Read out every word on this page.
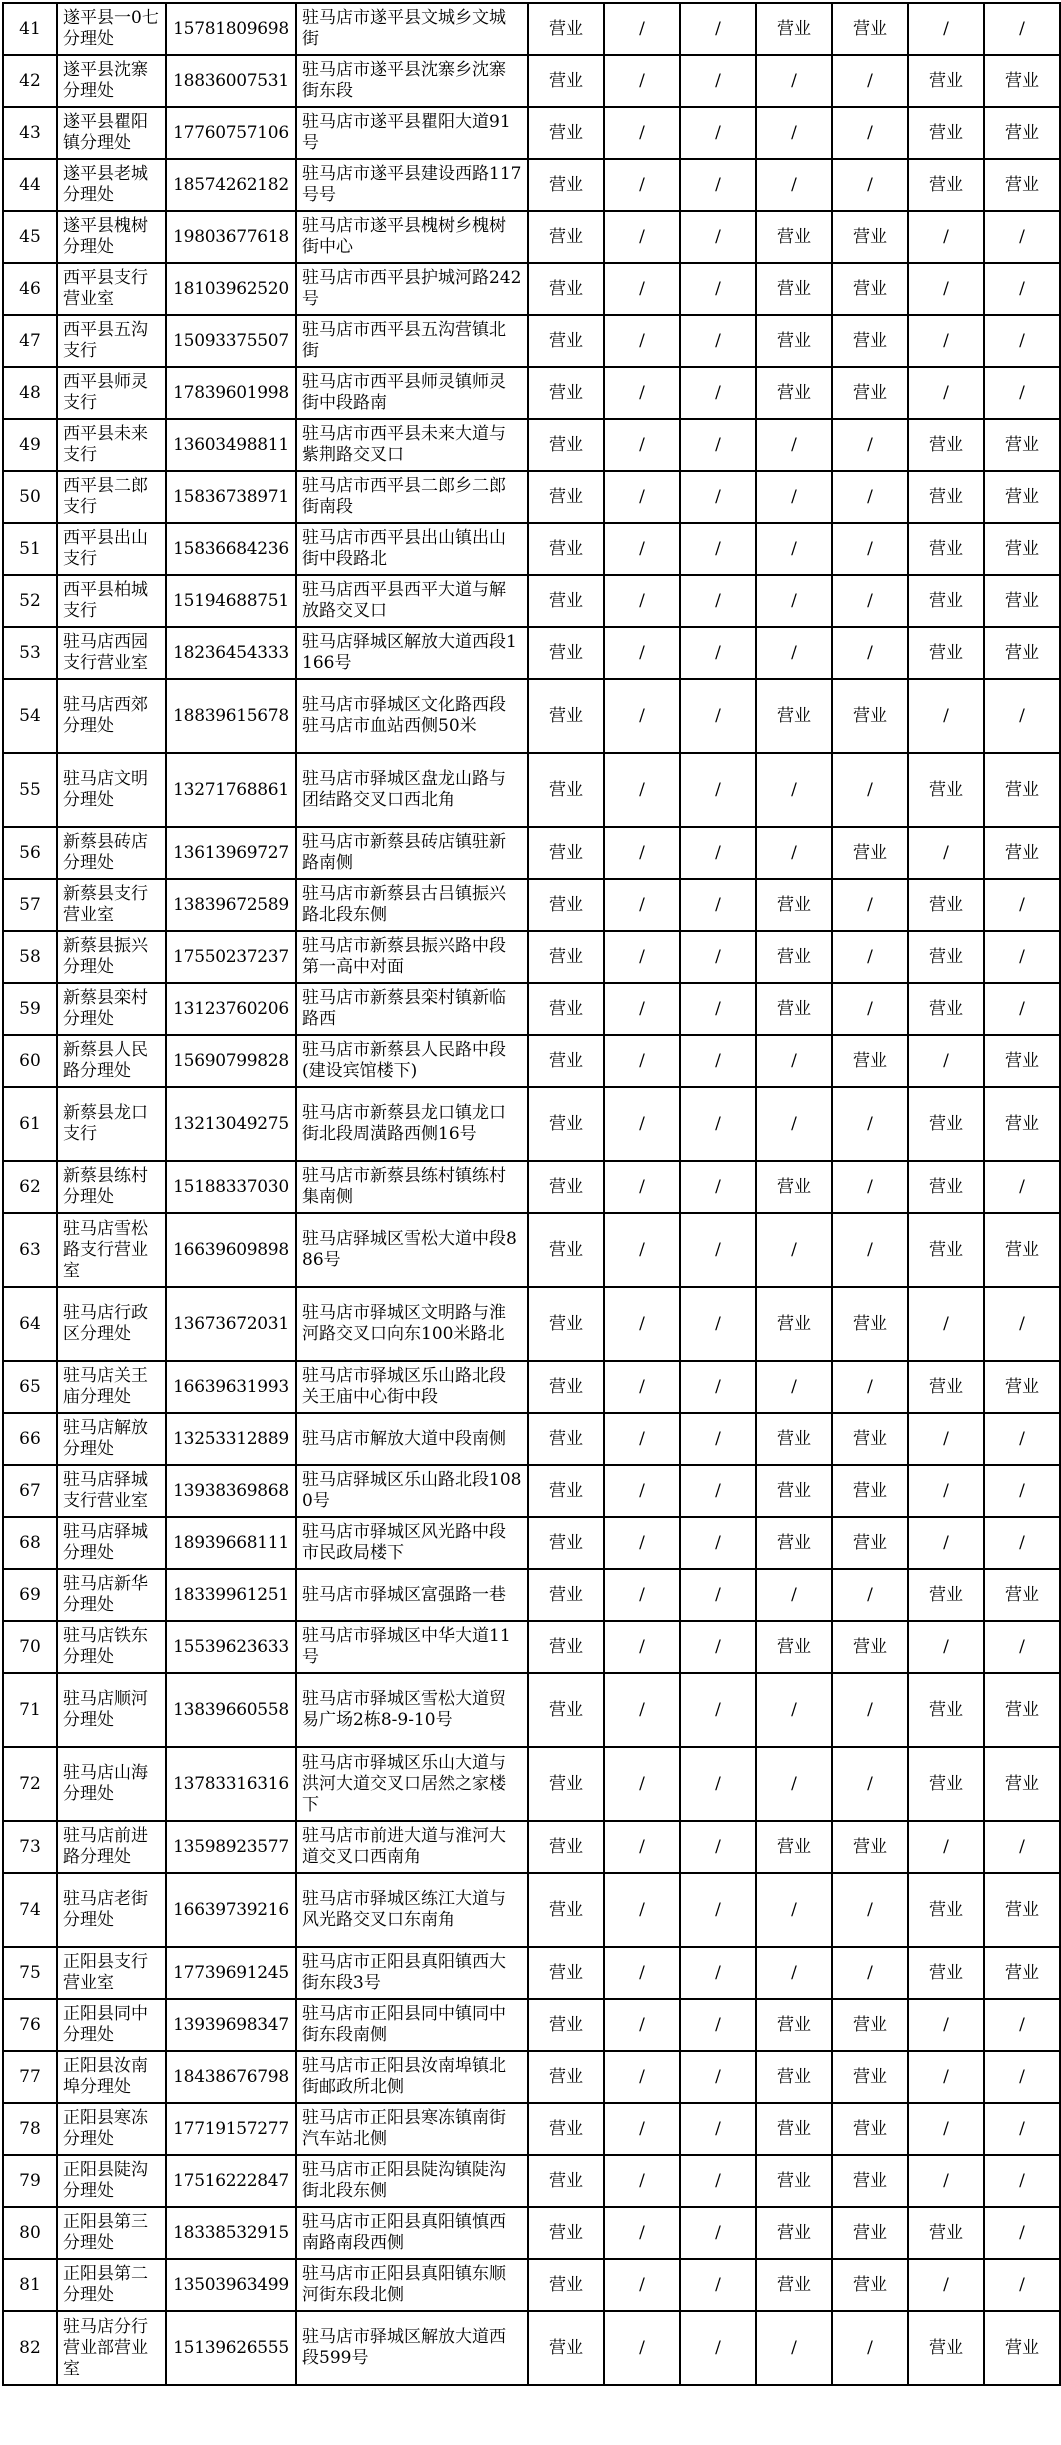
41	遂平县一0七分理处	15781809698	驻马店市遂平县文城乡文城街	营业	/	/	营业	营业	/	/
42	遂平县沈寨分理处	18836007531	驻马店市遂平县沈寨乡沈寨街东段	营业	/	/	/	/	营业	营业
43	遂平县瞿阳镇分理处	17760757106	驻马店市遂平县瞿阳大道91号	营业	/	/	/	/	营业	营业
44	遂平县老城分理处	18574262182	驻马店市遂平县建设西路117号号	营业	/	/	/	/	营业	营业
45	遂平县槐树分理处	19803677618	驻马店市遂平县槐树乡槐树街中心	营业	/	/	营业	营业	/	/
46	西平县支行营业室	18103962520	驻马店市西平县护城河路242号	营业	/	/	营业	营业	/	/
47	西平县五沟支行	15093375507	驻马店市西平县五沟营镇北街	营业	/	/	营业	营业	/	/
48	西平县师灵支行	17839601998	驻马店市西平县师灵镇师灵街中段路南	营业	/	/	营业	营业	/	/
49	西平县未来支行	13603498811	驻马店市西平县未来大道与紫荆路交叉口	营业	/	/	/	/	营业	营业
50	西平县二郎支行	15836738971	驻马店市西平县二郎乡二郎街南段	营业	/	/	/	/	营业	营业
51	西平县出山支行	15836684236	驻马店市西平县出山镇出山街中段路北	营业	/	/	/	/	营业	营业
52	西平县柏城支行	15194688751	驻马店西平县西平大道与解放路交叉口	营业	/	/	/	/	营业	营业
53	驻马店西园支行营业室	18236454333	驻马店驿城区解放大道西段1166号	营业	/	/	/	/	营业	营业
54	驻马店西郊分理处	18839615678	驻马店市驿城区文化路西段驻马店市血站西侧50米	营业	/	/	营业	营业	/	/
55	驻马店文明分理处	13271768861	驻马店市驿城区盘龙山路与团结路交叉口西北角	营业	/	/	/	/	营业	营业
56	新蔡县砖店分理处	13613969727	驻马店市新蔡县砖店镇驻新路南侧	营业	/	/	/	营业	/	营业
57	新蔡县支行营业室	13839672589	驻马店市新蔡县古吕镇振兴路北段东侧	营业	/	/	营业	/	营业	/
58	新蔡县振兴分理处	17550237237	驻马店市新蔡县振兴路中段第一高中对面	营业	/	/	营业	/	营业	/
59	新蔡县栾村分理处	13123760206	驻马店市新蔡县栾村镇新临路西	营业	/	/	营业	/	营业	/
60	新蔡县人民路分理处	15690799828	驻马店市新蔡县人民路中段(建设宾馆楼下)	营业	/	/	/	营业	/	营业
61	新蔡县龙口支行	13213049275	驻马店市新蔡县龙口镇龙口街北段周潢路西侧16号	营业	/	/	/	/	营业	营业
62	新蔡县练村分理处	15188337030	驻马店市新蔡县练村镇练村集南侧	营业	/	/	营业	/	营业	/
63	驻马店雪松路支行营业室	16639609898	驻马店驿城区雪松大道中段886号	营业	/	/	/	/	营业	营业
64	驻马店行政区分理处	13673672031	驻马店市驿城区文明路与淮河路交叉口向东100米路北	营业	/	/	营业	营业	/	/
65	驻马店关王庙分理处	16639631993	驻马店市驿城区乐山路北段关王庙中心街中段	营业	/	/	/	/	营业	营业
66	驻马店解放分理处	13253312889	驻马店市解放大道中段南侧	营业	/	/	营业	营业	/	/
67	驻马店驿城支行营业室	13938369868	驻马店驿城区乐山路北段1080号	营业	/	/	营业	营业	/	/
68	驻马店驿城分理处	18939668111	驻马店市驿城区风光路中段市民政局楼下	营业	/	/	营业	营业	/	/
69	驻马店新华分理处	18339961251	驻马店市驿城区富强路一巷	营业	/	/	/	/	营业	营业
70	驻马店铁东分理处	15539623633	驻马店市驿城区中华大道11号	营业	/	/	营业	营业	/	/
71	驻马店顺河分理处	13839660558	驻马店市驿城区雪松大道贸易广场2栋8-9-10号	营业	/	/	/	/	营业	营业
72	驻马店山海分理处	13783316316	驻马店市驿城区乐山大道与洪河大道交叉口居然之家楼下	营业	/	/	/	/	营业	营业
73	驻马店前进路分理处	13598923577	驻马店市前进大道与淮河大道交叉口西南角	营业	/	/	营业	营业	/	/
74	驻马店老街分理处	16639739216	驻马店市驿城区练江大道与风光路交叉口东南角	营业	/	/	/	/	营业	营业
75	正阳县支行营业室	17739691245	驻马店市正阳县真阳镇西大街东段3号	营业	/	/	/	/	营业	营业
76	正阳县同中分理处	13939698347	驻马店市正阳县同中镇同中街东段南侧	营业	/	/	营业	营业	/	/
77	正阳县汝南埠分理处	18438676798	驻马店市正阳县汝南埠镇北街邮政所北侧	营业	/	/	营业	营业	/	/
78	正阳县寒冻分理处	17719157277	驻马店市正阳县寒冻镇南街汽车站北侧	营业	/	/	营业	营业	/	/
79	正阳县陡沟分理处	17516222847	驻马店市正阳县陡沟镇陡沟街北段东侧	营业	/	/	营业	营业	/	/
80	正阳县第三分理处	18338532915	驻马店市正阳县真阳镇慎西南路南段西侧	营业	/	/	营业	营业	营业	/
81	正阳县第二分理处	13503963499	驻马店市正阳县真阳镇东顺河街东段北侧	营业	/	/	营业	营业	/	/
82	驻马店分行营业部营业室	15139626555	驻马店市驿城区解放大道西段599号	营业	/	/	/	/	营业	营业
